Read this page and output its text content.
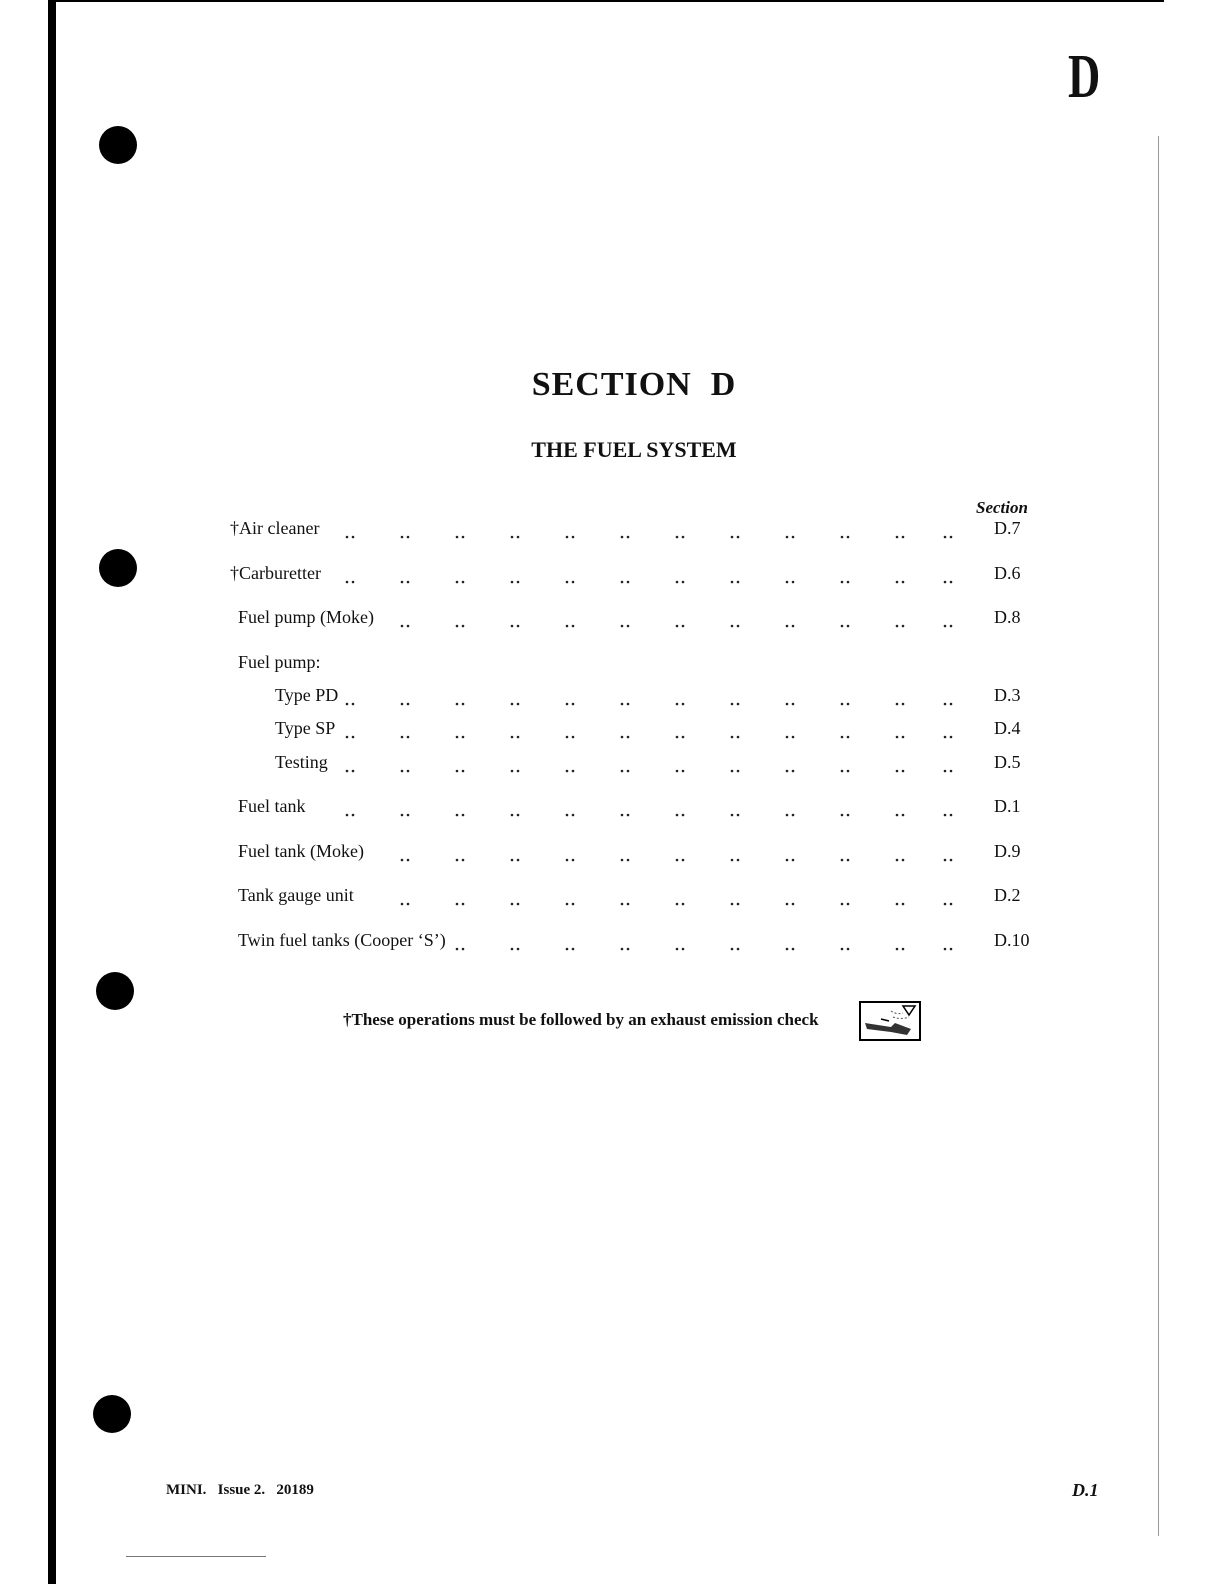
D
SECTION  D
THE FUEL SYSTEM
Section
†Air cleaner	D.7
†Carburetter	D.6
Fuel pump (Moke)	D.8
Fuel pump:
Type PD	D.3
Type SP	D.4
Testing	D.5
Fuel tank	D.1
Fuel tank (Moke)	D.9
Tank gauge unit	D.2
Twin fuel tanks (Cooper ‘S’)	D.10
†These operations must be followed by an exhaust emission check
MINI.   Issue 2.   20189	D.1
